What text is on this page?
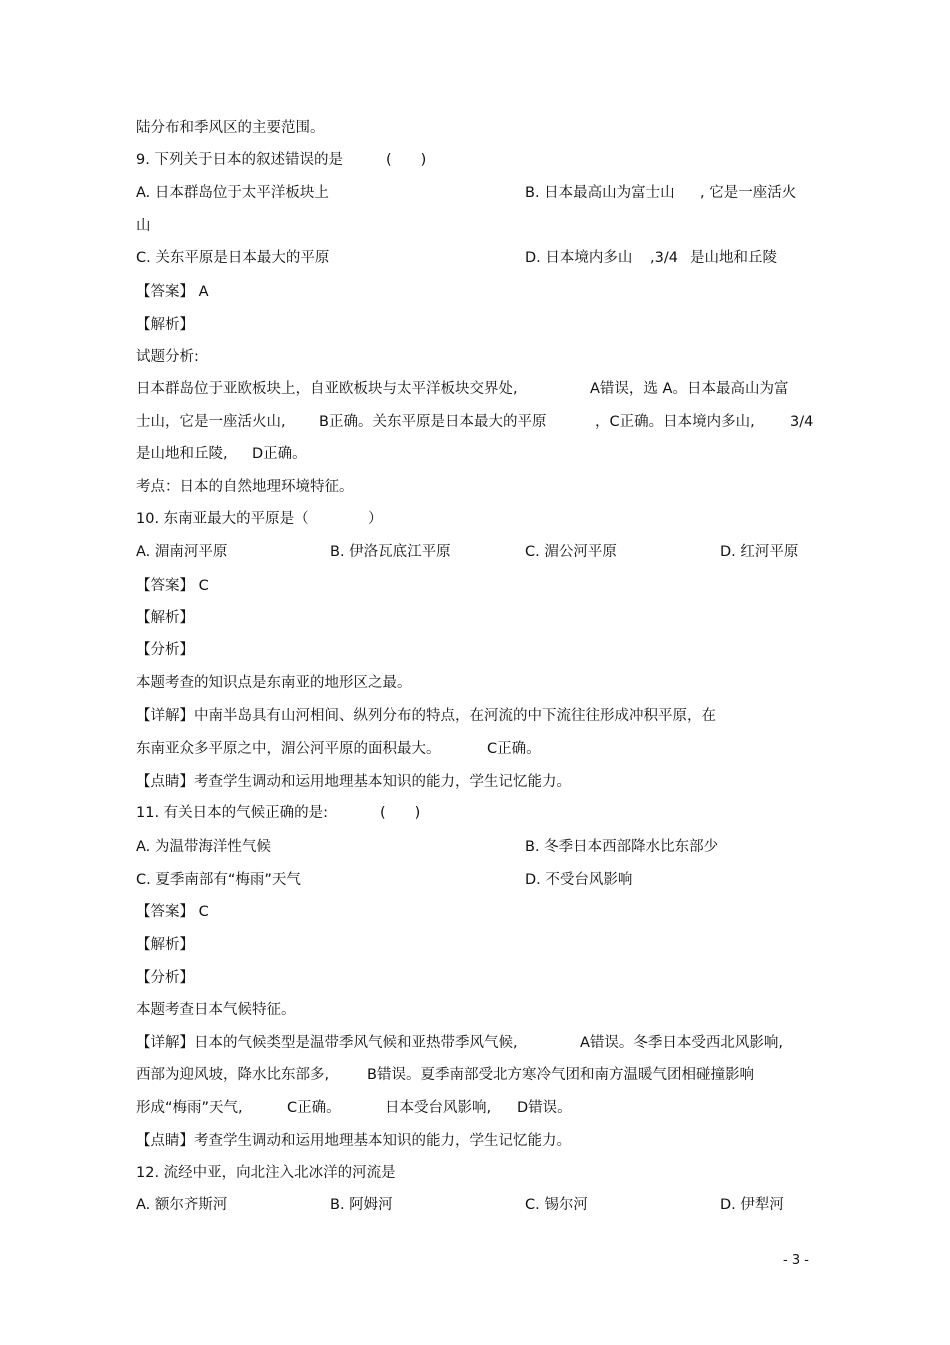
陆分布和季风区的主要范围。
9. 下列关于日本的叙述错误的是	(　　)
A. 日本群岛位于太平洋板块上	B. 日本最高山为富士山 , 它是一座活火
山
C. 关东平原是日本最大的平原	D. 日本境内多山 ,3/4 是山地和丘陵
【答案】 A
【解析】
试题分析:
日本群岛位于亚欧板块上，自亚欧板块与太平洋板块交界处,	A错误，选 A。日本最高山为富
士山，它是一座活火山, B正确。关东平原是日本最大的平原	，C正确。日本境内多山, 3/4
是山地和丘陵, D正确。
考点：日本的自然地理环境特征。
10. 东南亚最大的平原是（	）
A. 湄南河平原	B. 伊洛瓦底江平原	C. 湄公河平原	D. 红河平原
【答案】 C
【解析】
【分析】
本题考查的知识点是东南亚的地形区之最。
【详解】中南半岛具有山河相间、纵列分布的特点，在河流的中下流往往形成冲积平原，在
东南亚众多平原之中，湄公河平原的面积最大。	C正确。
【点睛】考查学生调动和运用地理基本知识的能力，学生记忆能力。
11. 有关日本的气候正确的是:	(　　)
A. 为温带海洋性气候	B. 冬季日本西部降水比东部少
C. 夏季南部有“梅雨”天气	D. 不受台风影响
【答案】 C
【解析】
【分析】
本题考查日本气候特征。
【详解】日本的气候类型是温带季风气候和亚热带季风气候,	A错误。冬季日本受西北风影响,
西部为迎风坡，降水比东部多,	B错误。夏季南部受北方寒冷气团和南方温暖气团相碰撞影响
形成“梅雨”天气,	C正确。	日本受台风影响, D错误。
【点睛】考查学生调动和运用地理基本知识的能力，学生记忆能力。
12. 流经中亚，向北注入北冰洋的河流是
A. 额尔齐斯河	B. 阿姆河	C. 锡尔河	D. 伊犁河
- 3 -
